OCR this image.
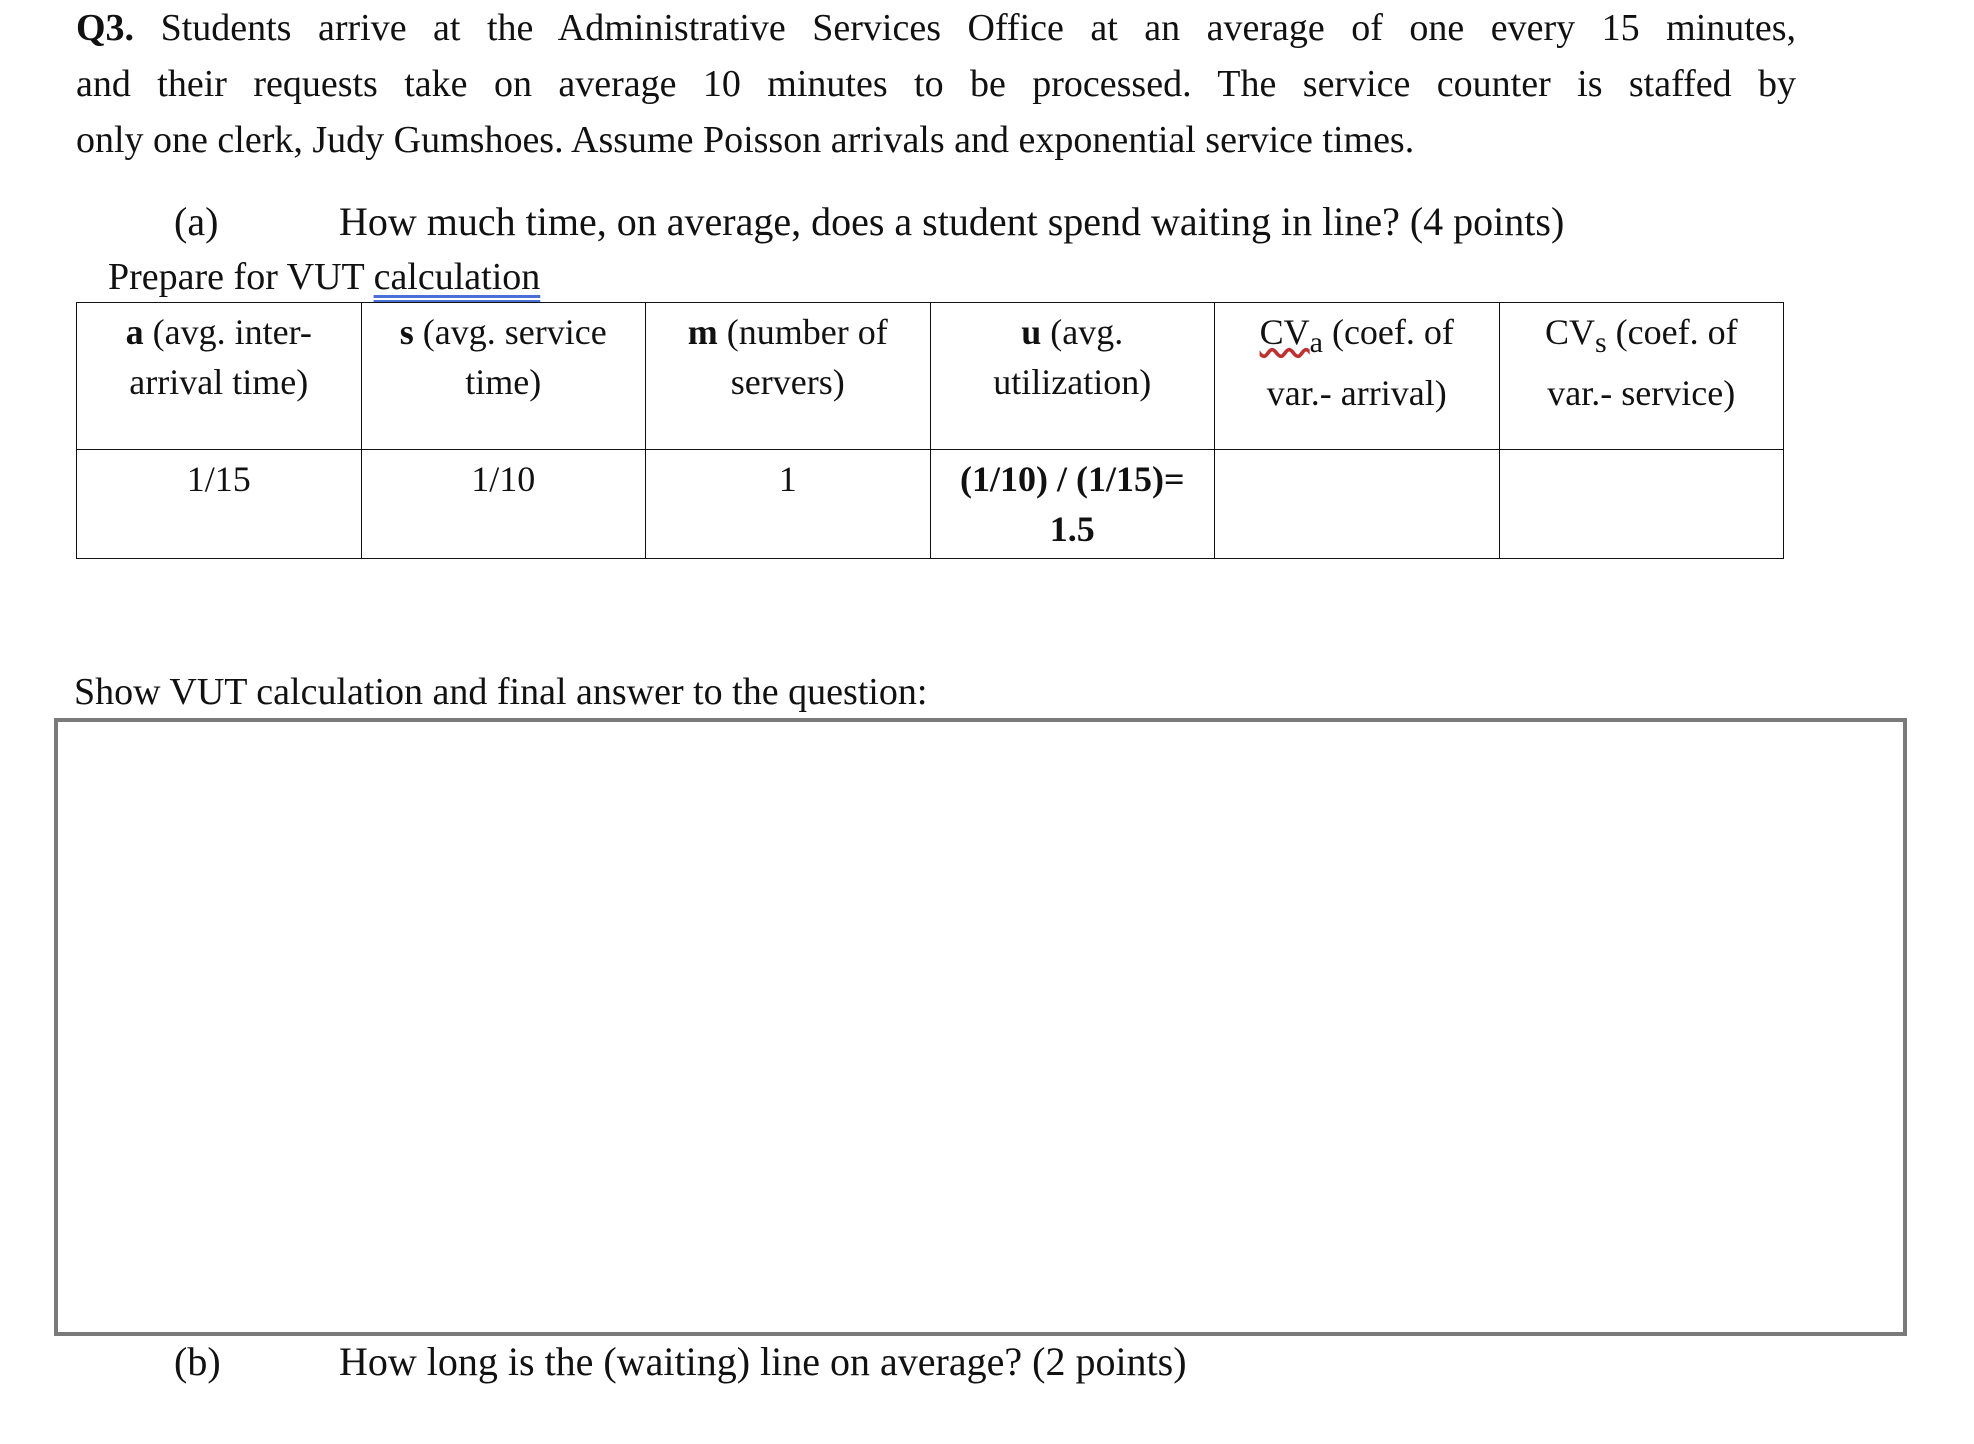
Q3. Students arrive at the Administrative Services Office at an average of one every 15 minutes,
and their requests take on average 10 minutes to be processed. The service counter is staffed by
only one clerk, Judy Gumshoes. Assume Poisson arrivals and exponential service times.
(a)	How much time, on average, does a student spend waiting in line? (4 points)
Prepare for VUT calculation
a (avg. inter-arrival time)	s (avg. service time)	m (number of servers)	u (avg. utilization)	$CV_a$ (coef. of var.- arrival)	$CV_s$ (coef. of var.- service)
1/15	1/10	1	(1/10) / (1/15)= 1.5		
Show VUT calculation and final answer to the question:
(b)	How long is the (waiting) line on average? (2 points)
